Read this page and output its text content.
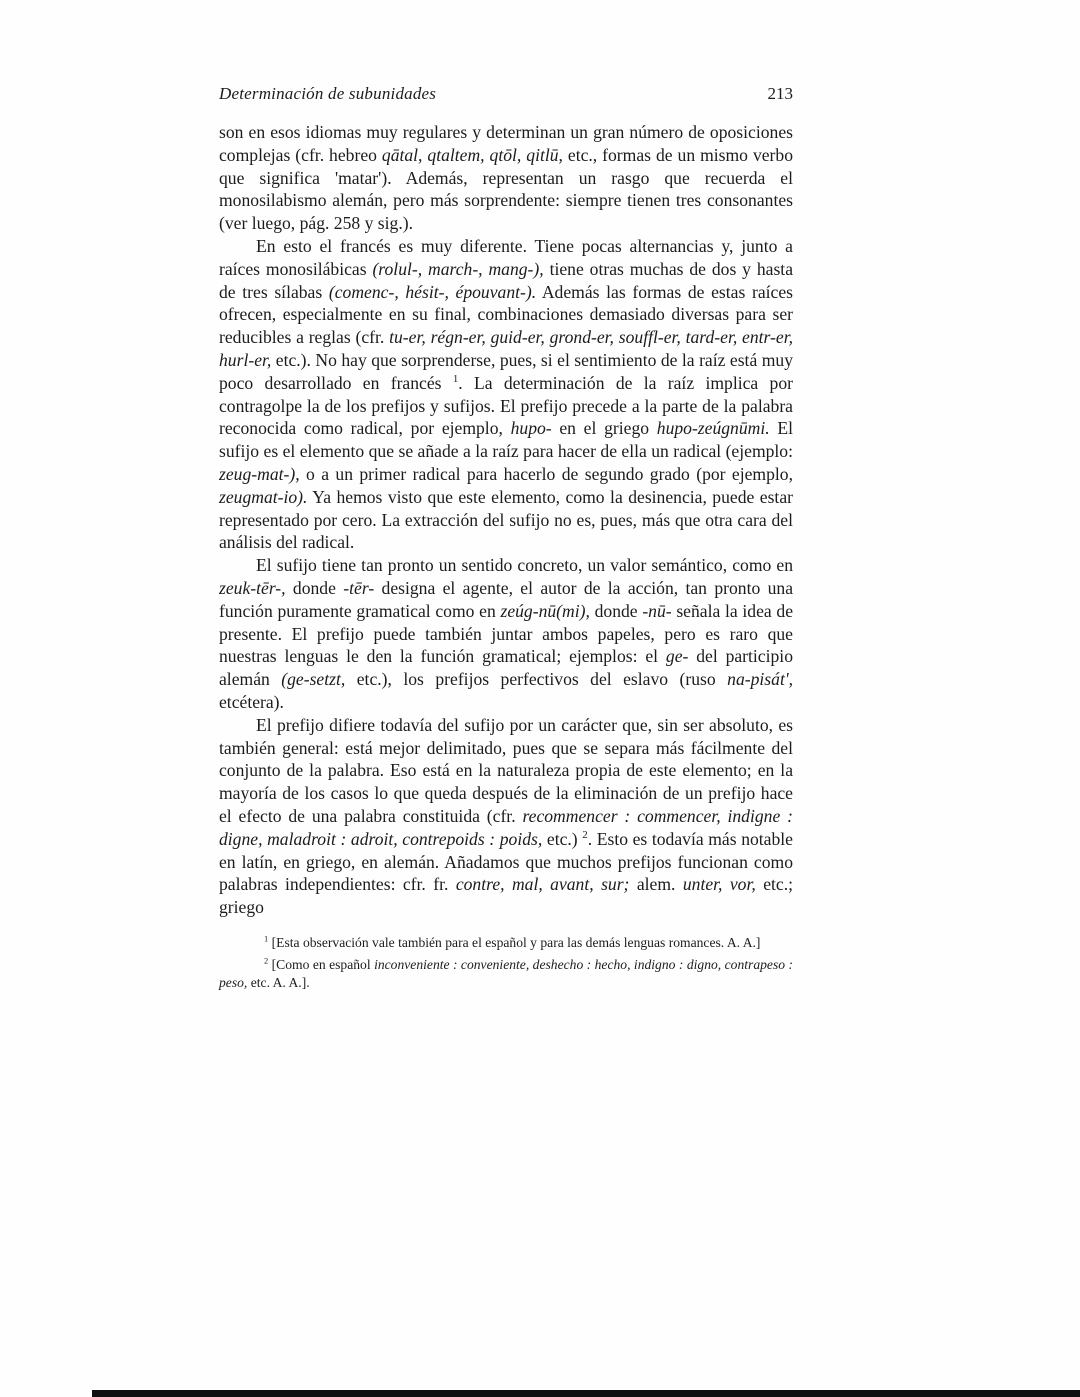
Determinación de subunidades	213

son en esos idiomas muy regulares y determinan un gran número de oposiciones complejas (cfr. hebreo qātal, qtaltem, qtōl, qitlū, etc., formas de un mismo verbo que significa 'matar'). Además, representan un rasgo que recuerda el monosilabismo alemán, pero más sorprendente: siempre tienen tres consonantes (ver luego, pág. 258 y sig.).

En esto el francés es muy diferente. Tiene pocas alternancias y, junto a raíces monosilábicas (rolul-, march-, mang-), tiene otras muchas de dos y hasta de tres sílabas (comenc-, hésit-, épouvant-). Además las formas de estas raíces ofrecen, especialmente en su final, combinaciones demasiado diversas para ser reducibles a reglas (cfr. tu-er, régn-er, guid-er, grond-er, souffl-er, tard-er, entr-er, hurl-er, etc.). No hay que sorprenderse, pues, si el sentimiento de la raíz está muy poco desarrollado en francés $^1$. La determinación de la raíz implica por contragolpe la de los prefijos y sufijos. El prefijo precede a la parte de la palabra reconocida como radical, por ejemplo, hupo- en el griego hupo-zeúgnūmi. El sufijo es el elemento que se añade a la raíz para hacer de ella un radical (ejemplo: zeug-mat-), o a un primer radical para hacerlo de segundo grado (por ejemplo, zeugmat-io). Ya hemos visto que este elemento, como la desinencia, puede estar representado por cero. La extracción del sufijo no es, pues, más que otra cara del análisis del radical.

El sufijo tiene tan pronto un sentido concreto, un valor semántico, como en zeuk-tēr-, donde -tēr- designa el agente, el autor de la acción, tan pronto una función puramente gramatical como en zeúg-nū(mi), donde -nū- señala la idea de presente. El prefijo puede también juntar ambos papeles, pero es raro que nuestras lenguas le den la función gramatical; ejemplos: el ge- del participio alemán (ge-setzt, etc.), los prefijos perfectivos del eslavo (ruso na-pisát', etcétera).

El prefijo difiere todavía del sufijo por un carácter que, sin ser absoluto, es también general: está mejor delimitado, pues que se separa más fácilmente del conjunto de la palabra. Eso está en la naturaleza propia de este elemento; en la mayoría de los casos lo que queda después de la eliminación de un prefijo hace el efecto de una palabra constituida (cfr. recommencer : commencer, indigne : digne, maladroit : adroit, contrepoids : poids, etc.) $^2$. Esto es todavía más notable en latín, en griego, en alemán. Añadamos que muchos prefijos funcionan como palabras independientes: cfr. fr. contre, mal, avant, sur; alem. unter, vor, etc.; griego

$^1$ [Esta observación vale también para el español y para las demás lenguas romances. A. A.]

$^2$ [Como en español inconveniente : conveniente, deshecho : hecho, indigno : digno, contrapeso : peso, etc. A. A.].
